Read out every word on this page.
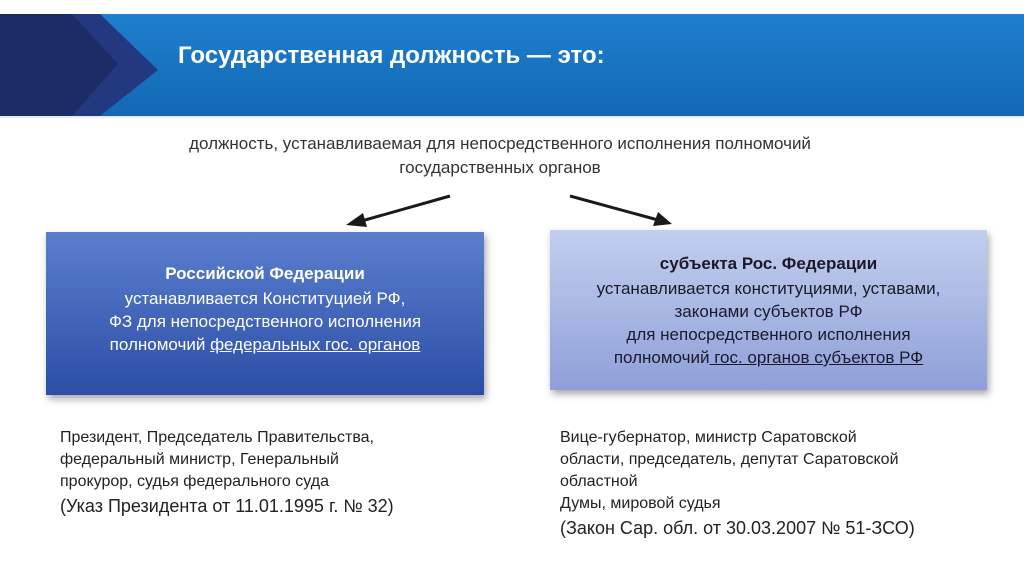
Государственная должность — это:
должность, устанавливаемая для непосредственного исполнения полномочий
государственных органов
Российской Федерации
устанавливается Конституцией РФ,
ФЗ для непосредственного исполнения
полномочий федеральных гос. органов
субъекта Рос. Федерации
устанавливается конституциями, уставами,
законами субъектов РФ
для непосредственного исполнения
полномочий гос. органов субъектов РФ
Президент, Председатель Правительства,
федеральный министр, Генеральный
прокурор, судья федерального суда
(Указ Президента от 11.01.1995 г. № 32)
Вице-губернатор, министр Саратовской
области, председатель, депутат Саратовской
областной
Думы, мировой судья
(Закон Сар. обл. от 30.03.2007 № 51-ЗСО)
